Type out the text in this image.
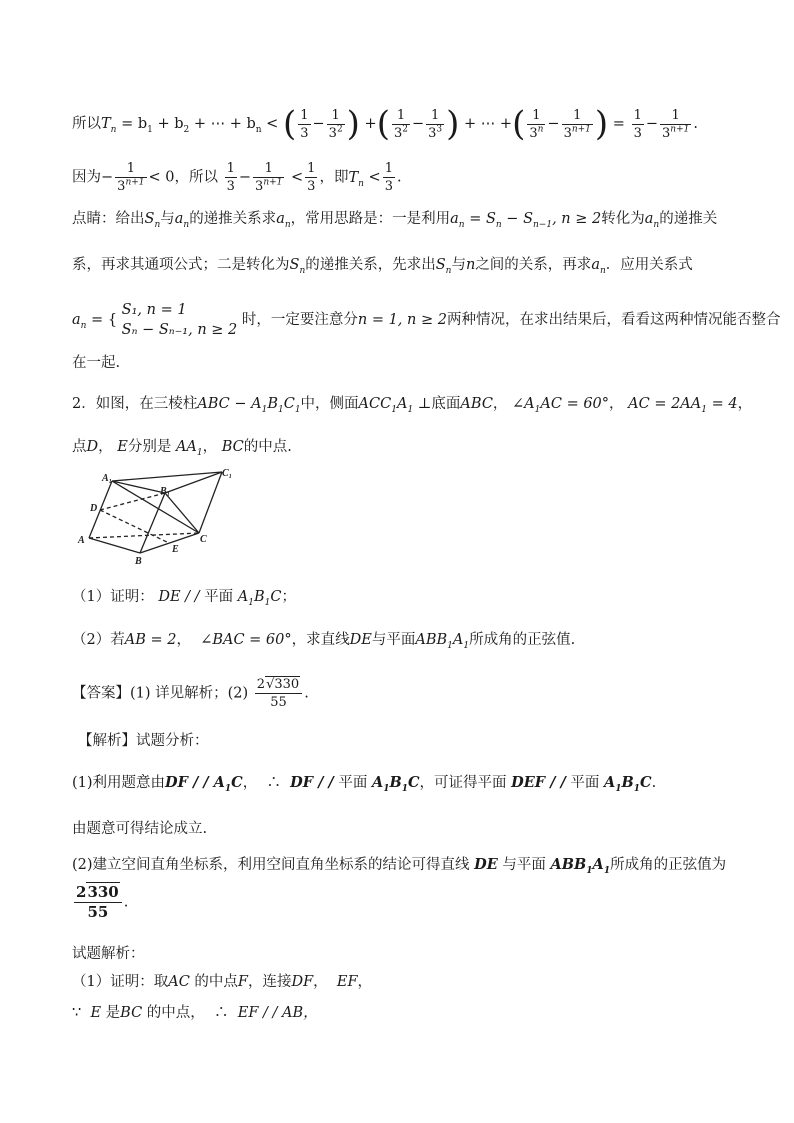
所以$T_n = b_1 + b_2$ + ⋯ + $b_n$ < ( $\frac{1}{3} - \frac{1}{3^2}$ ) +( $\frac{1}{3^2} - \frac{1}{3^3}$ ) + ⋯ +( $\frac{1}{3^n} - \frac{1}{3^{n+1}}$ ) = $\frac{1}{3} - \frac{1}{3^{n+1}}$ .
因为− $\frac{1}{3^{n+1}} < 0$，所以 $\frac{1}{3} - \frac{1}{3^{n+1}} < \frac{1}{3}$ ，即$T_n < \frac{1}{3}$ .
点睛：给出$S_n$与$a_n$的递推关系求$a_n$，常用思路是：一是利用$a_n = S_n - S_{n-1}$, n ≥ 2转化为$a_n$的递推关
系，再求其通项公式；二是转化为$S_n$的递推关系，先求出$S_n$与n之间的关系，再求$a_n$．应用关系式
$a_n$ = {
S₁, n = 1
Sₙ − Sₙ₋₁, n ≥ 2
时，一定要注意分n = 1, n ≥ 2两种情况，在求出结果后，看看这两种情况能否整合
在一起.
2．如图，在三棱柱ABC − $A_1B_1C_1$中，侧面$ACC_1A_1$ ⊥底面ABC， $\angle A_1AC = 60^\circ$， AC = $2AA_1 = 4$，
点D， E分别是 $AA_1$， BC的中点.
A₁
B₁
C₁
D
A
B
C
E
（1）证明： DE / / 平面 $A_1B_1C$；
（2）若AB = 2， ∠BAC = 60°，求直线DE与平面$ABB_1A_1$所成角的正弦值.
【答案】(1) 详见解析；$(2) \frac{2√330}{55}$ .
【解析】试题分析：
(1)利用题意由DF / / $A_1C$， ∴ DF / / 平面 $A_1B_1C$，可证得平面 DEF / / 平面 $A_1B_1C$.
由题意可得结论成立.
(2)建立空间直角坐标系，利用空间直角坐标系的结论可得直线 DE 与平面 $ABB_1A_1$所成角的正弦值为
$\frac{2330}{55}$ .
试题解析：
（1）证明：取AC 的中点F，连接DF， EF，
∵ E 是BC 的中点， ∴ EF / / AB，
